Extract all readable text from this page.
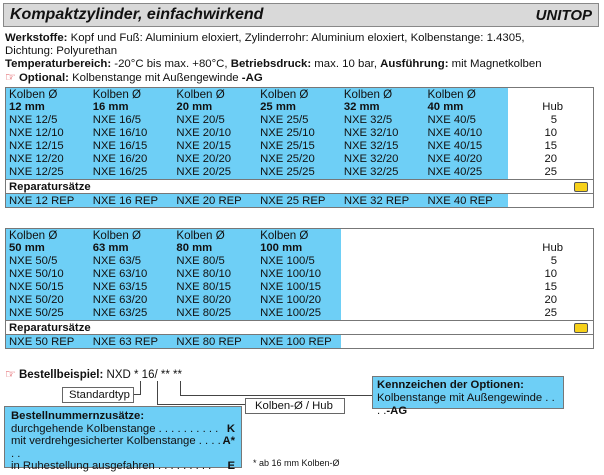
Kompaktzylinder, einfachwirkend	UNITOP
Werkstoffe: Kopf und Fuß: Aluminium eloxiert, Zylinderrohr: Aluminium eloxiert, Kolbenstange: 1.4305,
Dichtung: Polyurethan
Temperaturbereich: -20°C bis max. +80°C, Betriebsdruck: max. 10 bar, Ausführung: mit Magnetkolben
☞ Optional: Kolbenstange mit Außengewinde -AG
Kolben Ø	Kolben Ø	Kolben Ø	Kolben Ø	Kolben Ø	Kolben Ø
12 mm	16 mm	20 mm	25 mm	32 mm	40 mm	Hub
NXE 12/5	NXE 16/5	NXE 20/5	NXE 25/5	NXE 32/5	NXE 40/5	5
NXE 12/10	NXE 16/10	NXE 20/10	NXE 25/10	NXE 32/10	NXE 40/10	10
NXE 12/15	NXE 16/15	NXE 20/15	NXE 25/15	NXE 32/15	NXE 40/15	15
NXE 12/20	NXE 16/20	NXE 20/20	NXE 25/20	NXE 32/20	NXE 40/20	20
NXE 12/25	NXE 16/25	NXE 20/25	NXE 25/25	NXE 32/25	NXE 40/25	25
Reparatursätze
NXE 12 REP	NXE 16 REP	NXE 20 REP	NXE 25 REP	NXE 32 REP	NXE 40 REP
Kolben Ø	Kolben Ø	Kolben Ø	Kolben Ø
50 mm	63 mm	80 mm	100 mm	Hub
NXE 50/5	NXE 63/5	NXE 80/5	NXE 100/5	5
NXE 50/10	NXE 63/10	NXE 80/10	NXE 100/10	10
NXE 50/15	NXE 63/15	NXE 80/15	NXE 100/15	15
NXE 50/20	NXE 63/20	NXE 80/20	NXE 100/20	20
NXE 50/25	NXE 63/25	NXE 80/25	NXE 100/25	25
Reparatursätze
NXE 50 REP	NXE 63 REP	NXE 80 REP	NXE 100 REP
☞ Bestellbeispiel: NXD * 16/ ** **
Standardtyp
Kolben-Ø / Hub
Kennzeichen der Optionen:
Kolbenstange mit Außengewinde . . . .-AG
Bestellnummernzusätze:
durchgehende Kolbenstange . . . . . . . . . . K
mit verdrehgesicherter Kolbenstange . . . . . .
A*
in Ruhestellung ausgefahren . . . . . . . . . E * ab 16 mm Kolben-Ø
